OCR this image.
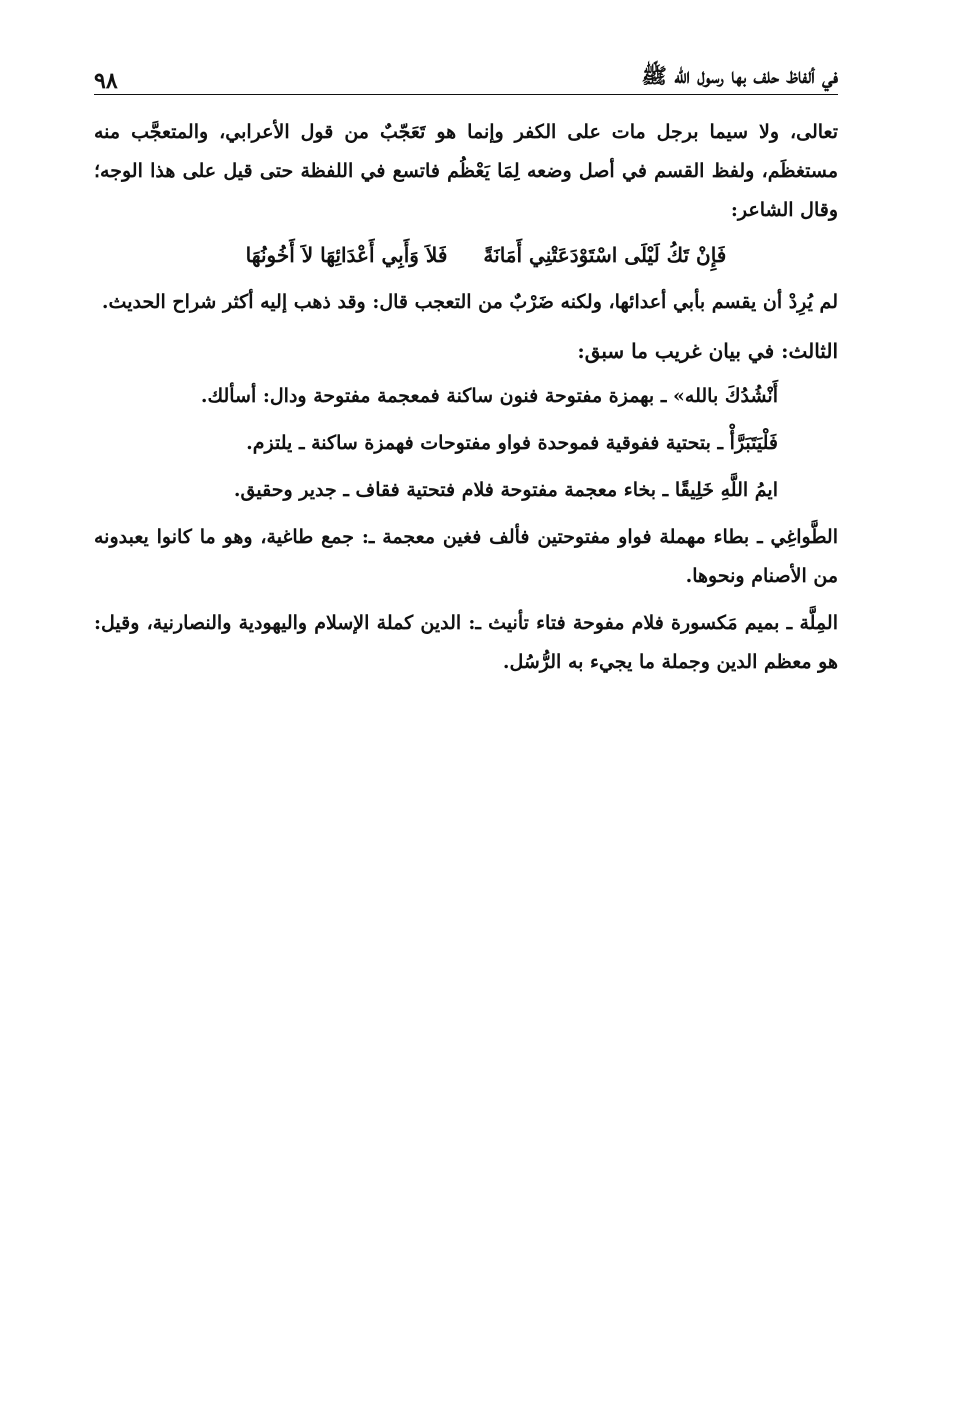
في ألفاظ حلف بها رسول الله ﷺ
٩٨

تعالى، ولا سيما برجل مات على الكفر وإنما هو تَعَجّبٌ من قول الأعرابي، والمتعجَّب منه مستغظَم، ولفظ القسم في أصل وضعه لِمَا يَعْظُم فاتسع في اللفظة حتى قيل على هذا الوجه؛ وقال الشاعر:

فَإِنْ تَكُ لَيْلَى اسْتَوْدَعَتْنِي أَمَانَةً
فَلاَ وَأَبِي أَعْدَائِهَا لاَ أَخُونُهَا

لم يُرِدْ أن يقسم بأبي أعدائها، ولكنه ضَرْبٌ من التعجب قال: وقد ذهب إليه أكثر شراح الحديث.

الثالث: في بيان غريب ما سبق:

أَنْشُدُكَ بالله» ـ بهمزة مفتوحة فنون ساكنة فمعجمة مفتوحة ودال: أسألك.

فَلْيَتَبَرَّأْ ـ بتحتية ففوقية فموحدة فواو مفتوحات فهمزة ساكنة ـ يلتزم.

ايمُ اللَّهِ خَلِيقًا ـ بخاء معجمة مفتوحة فلام فتحتية فقاف ـ جدير وحقيق.

الطَّواغِي ـ بطاء مهملة فواو مفتوحتين فألف فغين معجمة ـ: جمع طاغية، وهو ما كانوا يعبدونه من الأصنام ونحوها.

المِلَّة ـ بميم مَكسورة فلام مفوحة فتاء تأنيث ـ: الدين كملة الإسلام واليهودية والنصارنية، وقيل: هو معظم الدين وجملة ما يجيء به الرُّسُل.
